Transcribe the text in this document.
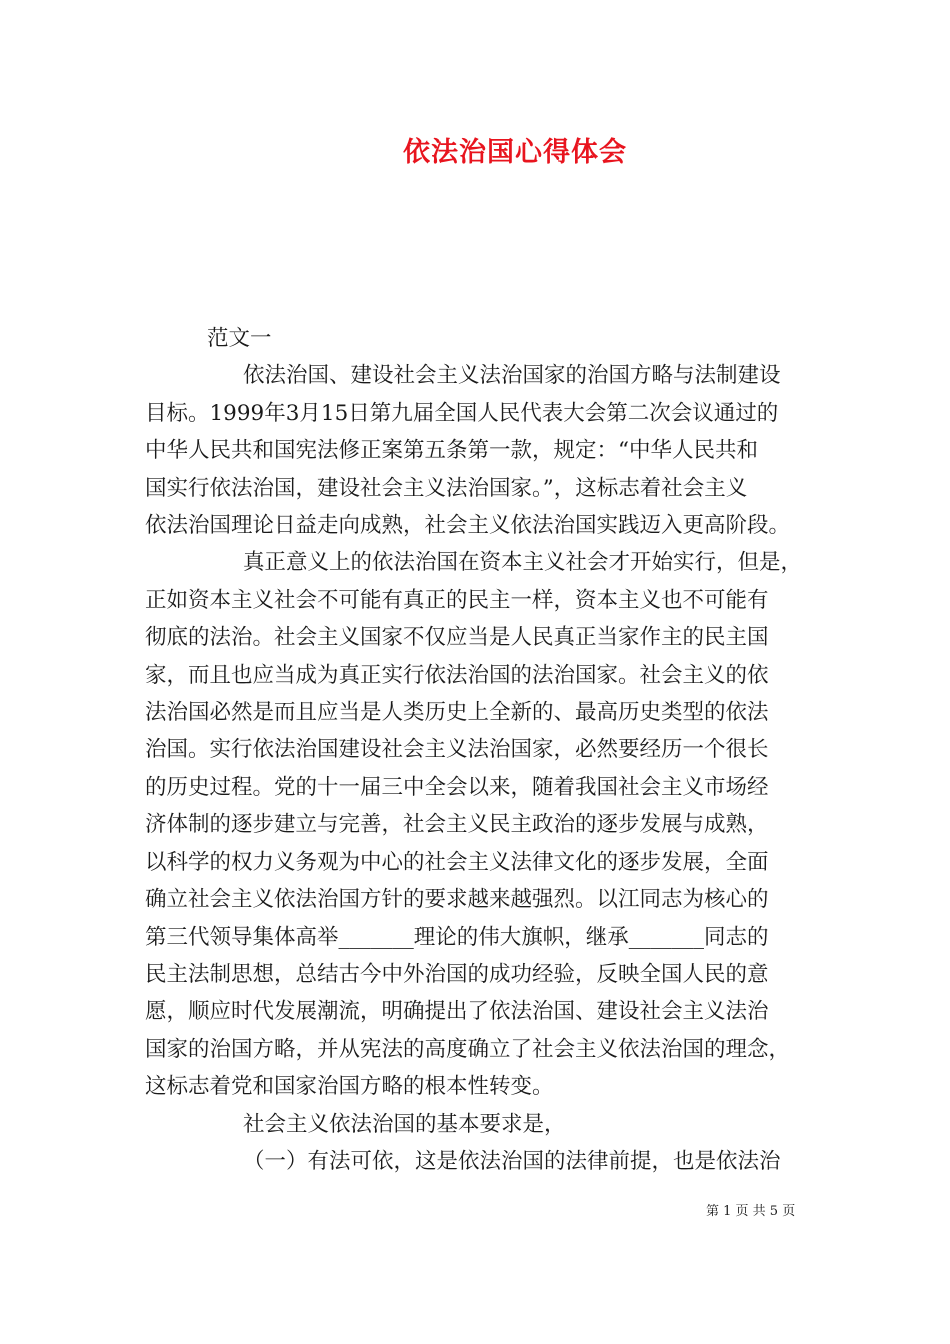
依法治国心得体会
范文一
依法治国、建设社会主义法治国家的治国方略与法制建设
目标。1999年3月15日第九届全国人民代表大会第二次会议通过的
中华人民共和国宪法修正案第五条第一款，规定：“中华人民共和
国实行依法治国，建设社会主义法治国家。”，这标志着社会主义
依法治国理论日益走向成熟，社会主义依法治国实践迈入更高阶段。
真正意义上的依法治国在资本主义社会才开始实行，但是，
正如资本主义社会不可能有真正的民主一样，资本主义也不可能有
彻底的法治。社会主义国家不仅应当是人民真正当家作主的民主国
家，而且也应当成为真正实行依法治国的法治国家。社会主义的依
法治国必然是而且应当是人类历史上全新的、最高历史类型的依法
治国。实行依法治国建设社会主义法治国家，必然要经历一个很长
的历史过程。党的十一届三中全会以来，随着我国社会主义市场经
济体制的逐步建立与完善，社会主义民主政治的逐步发展与成熟，
以科学的权力义务观为中心的社会主义法律文化的逐步发展，全面
确立社会主义依法治国方针的要求越来越强烈。以江同志为核心的
第三代领导集体高举_______理论的伟大旗帜，继承_______同志的
民主法制思想，总结古今中外治国的成功经验，反映全国人民的意
愿，顺应时代发展潮流，明确提出了依法治国、建设社会主义法治
国家的治国方略，并从宪法的高度确立了社会主义依法治国的理念，
这标志着党和国家治国方略的根本性转变。
社会主义依法治国的基本要求是，
（一）有法可依，这是依法治国的法律前提，也是依法治
第 1 页 共 5 页
